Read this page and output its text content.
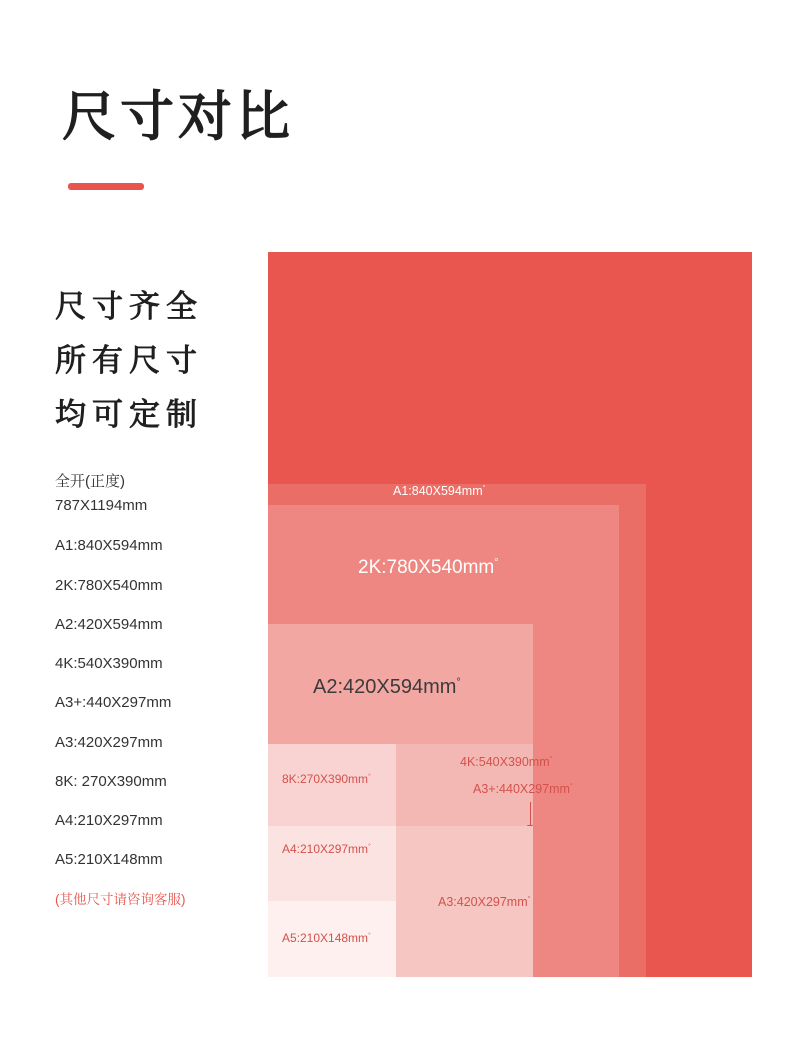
尺寸对比
尺寸齐全
所有尺寸
均可定制
全开(正度)
787X1194mm
A1:840X594mm
2K:780X540mm
A2:420X594mm
4K:540X390mm
A3+:440X297mm
A3:420X297mm
8K: 270X390mm
A4:210X297mm
A5:210X148mm
(其他尺寸请咨询客服)
A1:840X594mm°
2K:780X540mm°
A2:420X594mm°
4K:540X390mm°
A3+:440X297mm°
A3:420X297mm°
8K:270X390mm°
A4:210X297mm°
A5:210X148mm°
